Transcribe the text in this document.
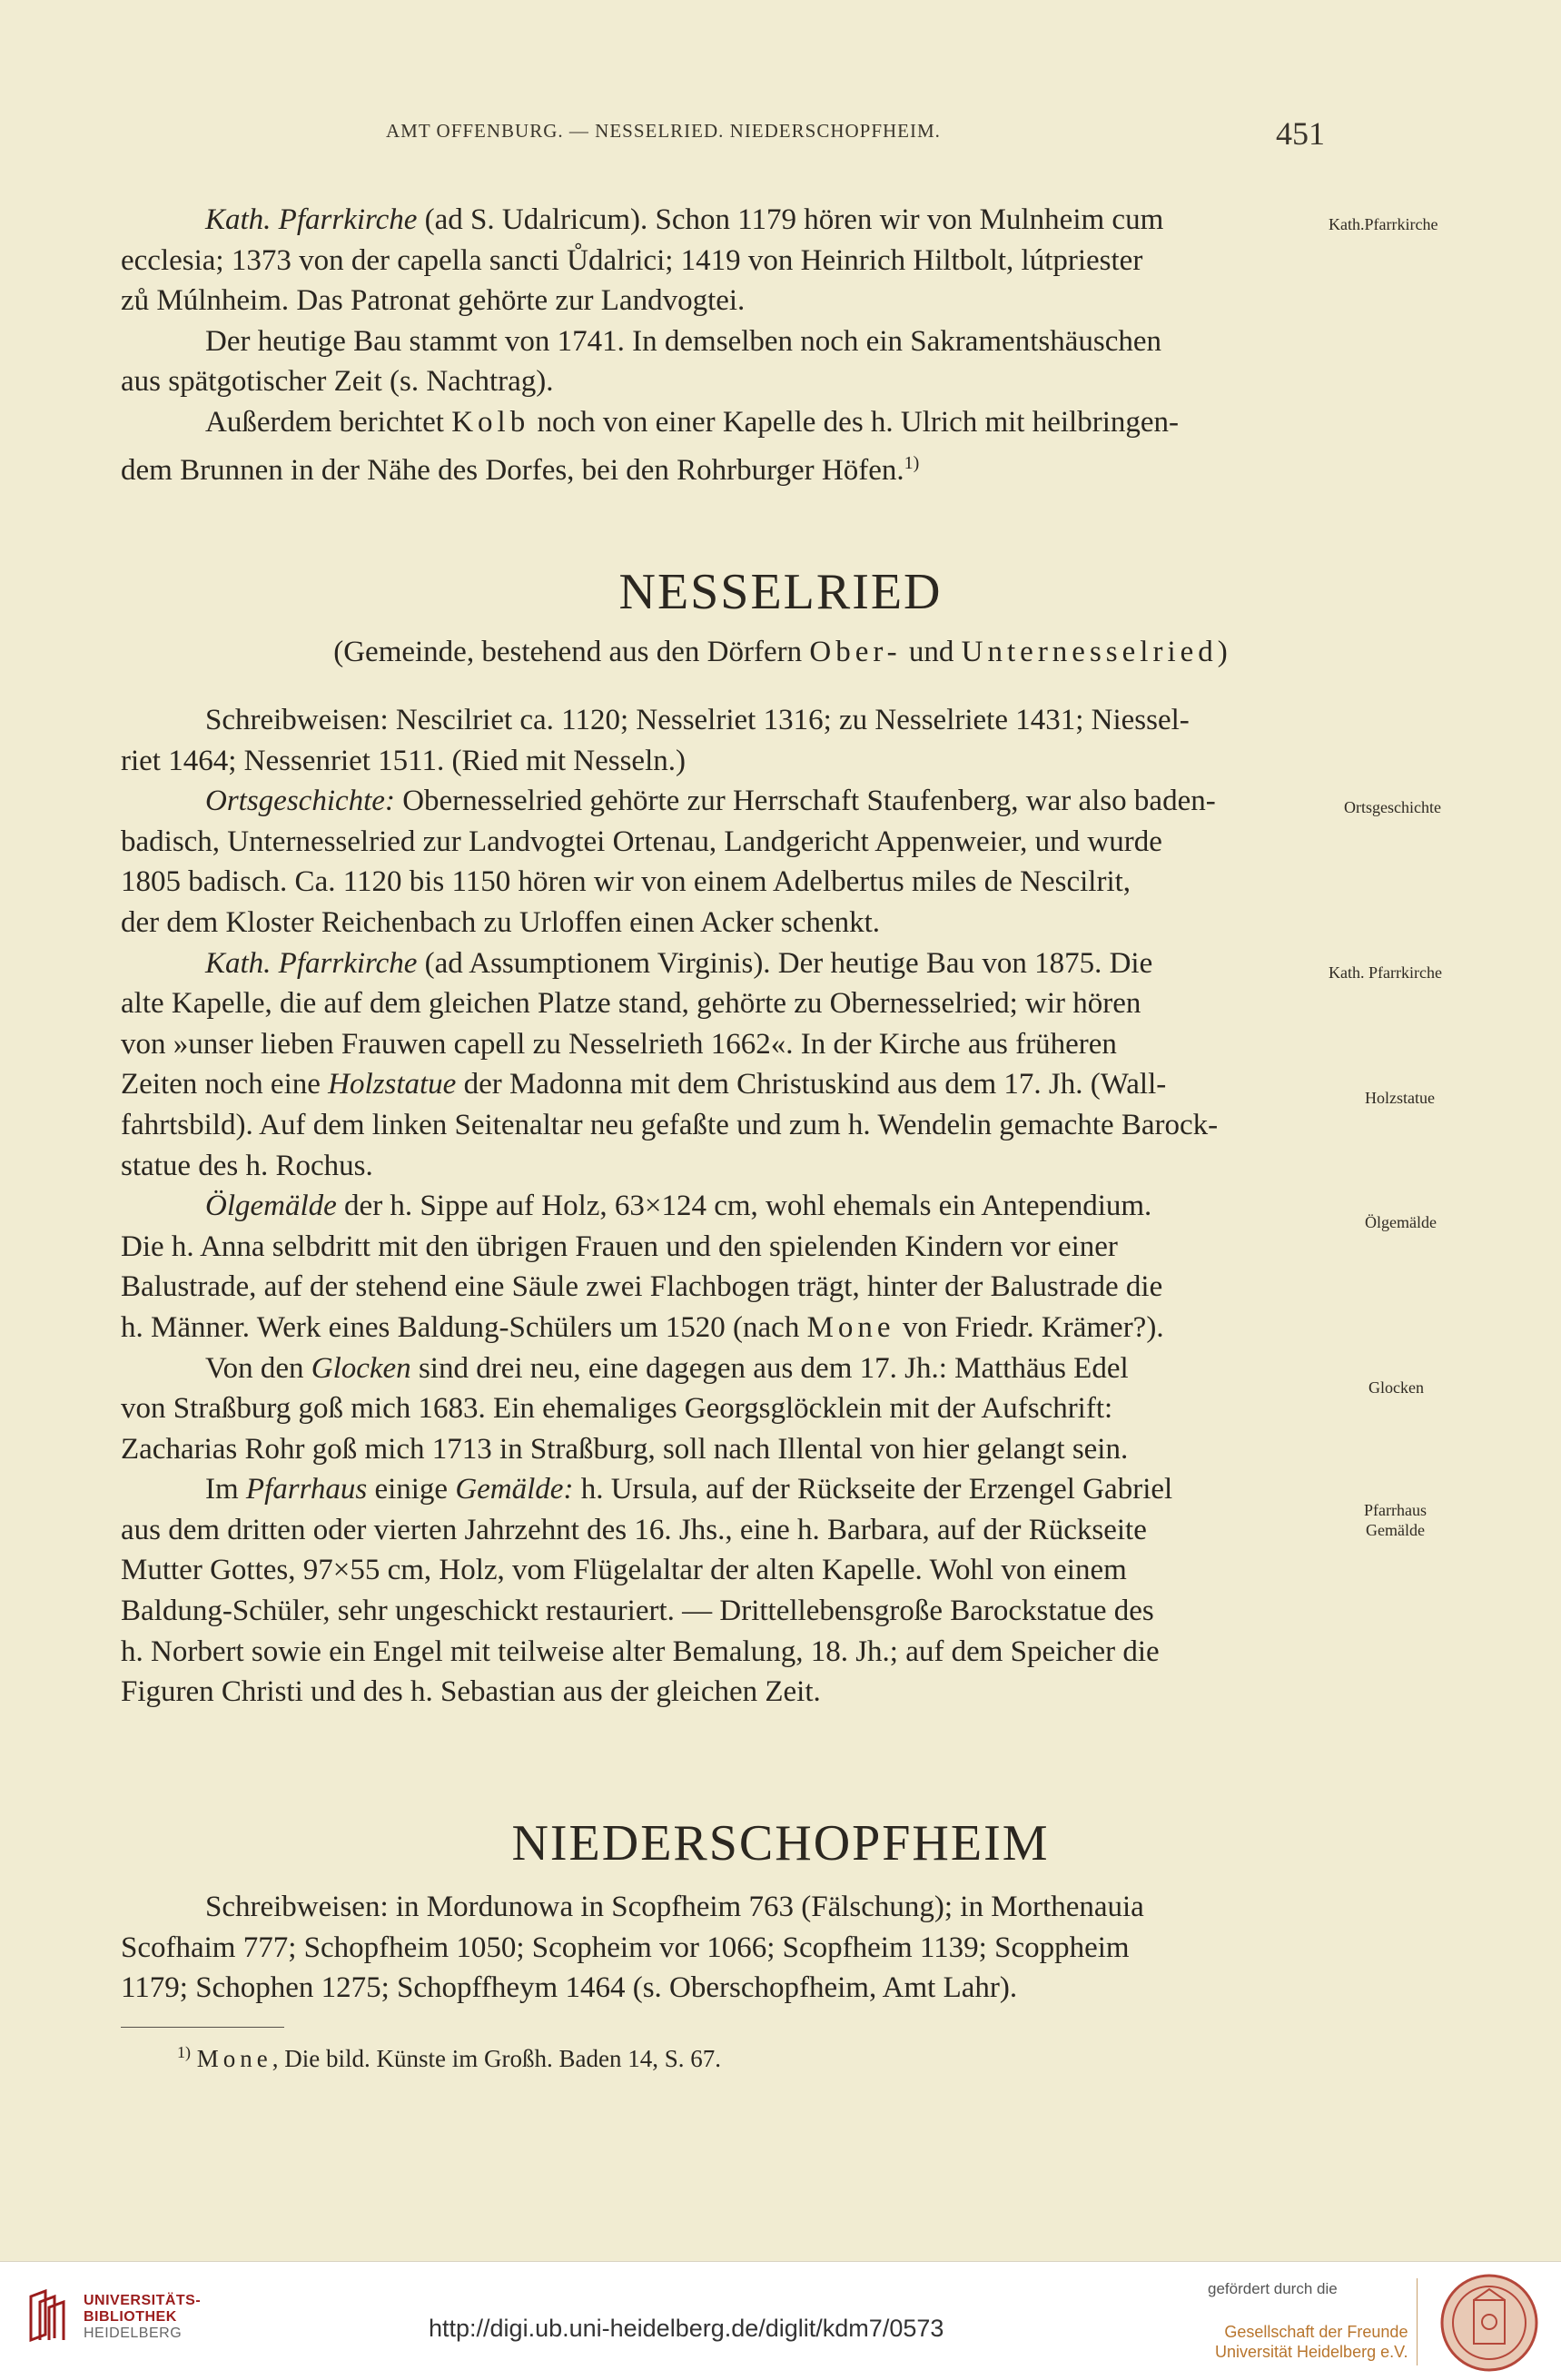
AMT OFFENBURG. — NESSELRIED. NIEDERSCHOPFHEIM.	451

Kath. Pfarrkirche (ad S. Udalricum). Schon 1179 hören wir von Mulnheim cum
ecclesia; 1373 von der capella sancti Ůdalrici; 1419 von Heinrich Hiltbolt, lútpriester
zů Múlnheim. Das Patronat gehörte zur Landvogtei.

Der heutige Bau stammt von 1741. In demselben noch ein Sakramentshäuschen
aus spätgotischer Zeit (s. Nachtrag).

Außerdem berichtet Kolb noch von einer Kapelle des h. Ulrich mit heilbringen-
dem Brunnen in der Nähe des Dorfes, bei den Rohrburger Höfen.$^{1)}$

Kath.Pfarrkirche
NESSELRIED
(Gemeinde, bestehend aus den Dörfern Ober- und Unternesselried)

Schreibweisen: Nescilriet ca. 1120; Nesselriet 1316; zu Nesselriete 1431; Niessel-
riet 1464; Nessenriet 1511. (Ried mit Nesseln.)

Ortsgeschichte: Obernesselried gehörte zur Herrschaft Staufenberg, war also baden-
badisch, Unternesselried zur Landvogtei Ortenau, Landgericht Appenweier, und wurde
1805 badisch. Ca. 1120 bis 1150 hören wir von einem Adelbertus miles de Nescilrit,
der dem Kloster Reichenbach zu Urloffen einen Acker schenkt.

Kath. Pfarrkirche (ad Assumptionem Virginis). Der heutige Bau von 1875. Die
alte Kapelle, die auf dem gleichen Platze stand, gehörte zu Obernesselried; wir hören
von »unser lieben Frauwen capell zu Nesselrieth 1662«. In der Kirche aus früheren
Zeiten noch eine Holzstatue der Madonna mit dem Christuskind aus dem 17. Jh. (Wall-
fahrtsbild). Auf dem linken Seitenaltar neu gefaßte und zum h. Wendelin gemachte Barock-
statue des h. Rochus.

Ölgemälde der h. Sippe auf Holz, 63×124 cm, wohl ehemals ein Antependium.
Die h. Anna selbdritt mit den übrigen Frauen und den spielenden Kindern vor einer
Balustrade, auf der stehend eine Säule zwei Flachbogen trägt, hinter der Balustrade die
h. Männer. Werk eines Baldung-Schülers um 1520 (nach Mone von Friedr. Krämer?).

Von den Glocken sind drei neu, eine dagegen aus dem 17. Jh.: Matthäus Edel
von Straßburg goß mich 1683. Ein ehemaliges Georgsglöcklein mit der Aufschrift:
Zacharias Rohr goß mich 1713 in Straßburg, soll nach Illental von hier gelangt sein.

Im Pfarrhaus einige Gemälde: h. Ursula, auf der Rückseite der Erzengel Gabriel
aus dem dritten oder vierten Jahrzehnt des 16. Jhs., eine h. Barbara, auf der Rückseite
Mutter Gottes, 97×55 cm, Holz, vom Flügelaltar der alten Kapelle. Wohl von einem
Baldung-Schüler, sehr ungeschickt restauriert. — Drittellebensgroße Barockstatue des
h. Norbert sowie ein Engel mit teilweise alter Bemalung, 18. Jh.; auf dem Speicher die
Figuren Christi und des h. Sebastian aus der gleichen Zeit.

Ortsgeschichte
Kath. Pfarrkirche
Holzstatue
Ölgemälde
Glocken
Pfarrhaus
Gemälde
NIEDERSCHOPFHEIM

Schreibweisen: in Mordunowa in Scopfheim 763 (Fälschung); in Morthenauia
Scofhaim 777; Schopfheim 1050; Scopheim vor 1066; Scopfheim 1139; Scoppheim
1179; Schophen 1275; Schopffheym 1464 (s. Oberschopfheim, Amt Lahr).

$^{1)}$ Mone, Die bild. Künste im Großh. Baden 14, S. 67.
UNIVERSITÄTS-
BIBLIOTHEK
HEIDELBERG	http://digi.ub.uni-heidelberg.de/diglit/kdm7/0573
gefördert durch die
Gesellschaft der Freunde
Universität Heidelberg e.V.
